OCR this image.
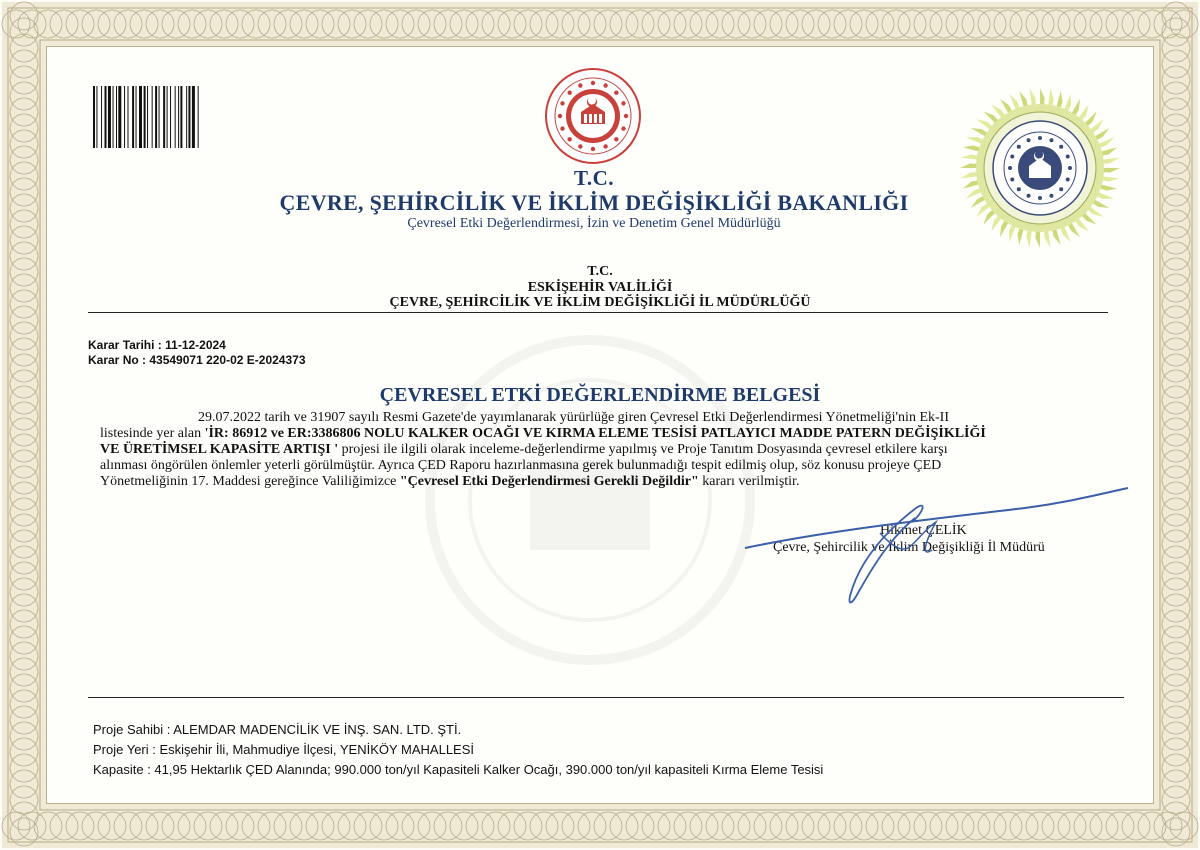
T.C.
ÇEVRE, ŞEHİRCİLİK VE İKLİM DEĞİŞİKLİĞİ BAKANLIĞI
Çevresel Etki Değerlendirmesi, İzin ve Denetim Genel Müdürlüğü
T.C.
ESKİŞEHİR VALİLİĞİ
ÇEVRE, ŞEHİRCİLİK VE İKLİM DEĞİŞİKLİĞİ İL MÜDÜRLÜĞÜ
Karar Tarihi : 11-12-2024
Karar No : 43549071 220-02 E-2024373
ÇEVRESEL ETKİ DEĞERLENDİRME BELGESİ
29.07.2022 tarih ve 31907 sayılı Resmi Gazete'de yayımlanarak yürürlüğe giren Çevresel Etki Değerlendirmesi Yönetmeliği'nin Ek-II
listesinde yer alan 'İR: 86912 ve ER:3386806 NOLU KALKER OCAĞI VE KIRMA ELEME TESİSİ PATLAYICI MADDE PATERN DEĞİŞİKLİĞİ
VE ÜRETİMSEL KAPASİTE ARTIŞI ' projesi ile ilgili olarak inceleme-değerlendirme yapılmış ve Proje Tanıtım Dosyasında çevresel etkilere karşı
alınması öngörülen önlemler yeterli görülmüştür. Ayrıca ÇED Raporu hazırlanmasına gerek bulunmadığı tespit edilmiş olup, söz konusu projeye ÇED
Yönetmeliğinin 17. Maddesi gereğince Valiliğimizce "Çevresel Etki Değerlendirmesi Gerekli Değildir" kararı verilmiştir.
Hikmet ÇELİK
Çevre, Şehircilik ve İklim Değişikliği İl Müdürü
Proje Sahibi : ALEMDAR MADENCİLİK VE İNŞ. SAN. LTD. ŞTİ.
Proje Yeri : Eskişehir İli, Mahmudiye İlçesi, YENİKÖY MAHALLESİ
Kapasite : 41,95 Hektarlık ÇED Alanında; 990.000 ton/yıl Kapasiteli Kalker Ocağı, 390.000 ton/yıl kapasiteli Kırma Eleme Tesisi
